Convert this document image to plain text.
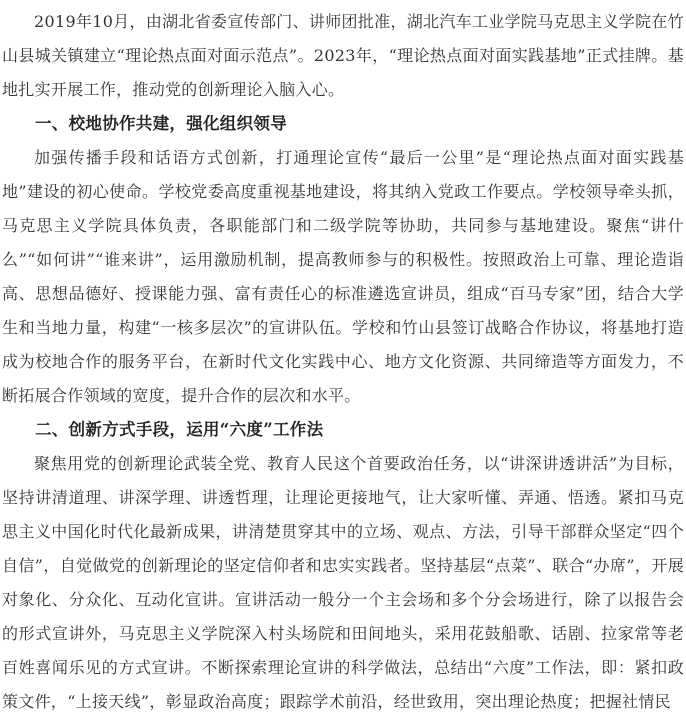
2019年10月，由湖北省委宣传部门、讲师团批准，湖北汽车工业学院马克思主义学院在竹山县城关镇建立“理论热点面对面示范点”。2023年，“理论热点面对面实践基地”正式挂牌。基地扎实开展工作，推动党的创新理论入脑入心。

一、校地协作共建，强化组织领导

加强传播手段和话语方式创新，打通理论宣传“最后一公里”是“理论热点面对面实践基地”建设的初心使命。学校党委高度重视基地建设，将其纳入党政工作要点。学校领导牵头抓，马克思主义学院具体负责，各职能部门和二级学院等协助，共同参与基地建设。聚焦“讲什么”“如何讲”“谁来讲”，运用激励机制，提高教师参与的积极性。按照政治上可靠、理论造诣高、思想品德好、授课能力强、富有责任心的标准遴选宣讲员，组成“百马专家”团，结合大学生和当地力量，构建“一核多层次”的宣讲队伍。学校和竹山县签订战略合作协议，将基地打造成为校地合作的服务平台，在新时代文化实践中心、地方文化资源、共同缔造等方面发力，不断拓展合作领域的宽度，提升合作的层次和水平。

二、创新方式手段，运用“六度”工作法

聚焦用党的创新理论武装全党、教育人民这个首要政治任务，以“讲深讲透讲活”为目标，坚持讲清道理、讲深学理、讲透哲理，让理论更接地气，让大家听懂、弄通、悟透。紧扣马克思主义中国化时代化最新成果，讲清楚贯穿其中的立场、观点、方法，引导干部群众坚定“四个自信”，自觉做党的创新理论的坚定信仰者和忠实实践者。坚持基层“点菜”、联合“办席”，开展对象化、分众化、互动化宣讲。宣讲活动一般分一个主会场和多个分会场进行，除了以报告会的形式宣讲外，马克思主义学院深入村头场院和田间地头，采用花鼓船歌、话剧、拉家常等老百姓喜闻乐见的方式宣讲。不断探索理论宣讲的科学做法，总结出“六度”工作法，即：紧扣政策文件，“上接天线”，彰显政治高度；跟踪学术前沿，经世致用，突出理论热度；把握社情民
